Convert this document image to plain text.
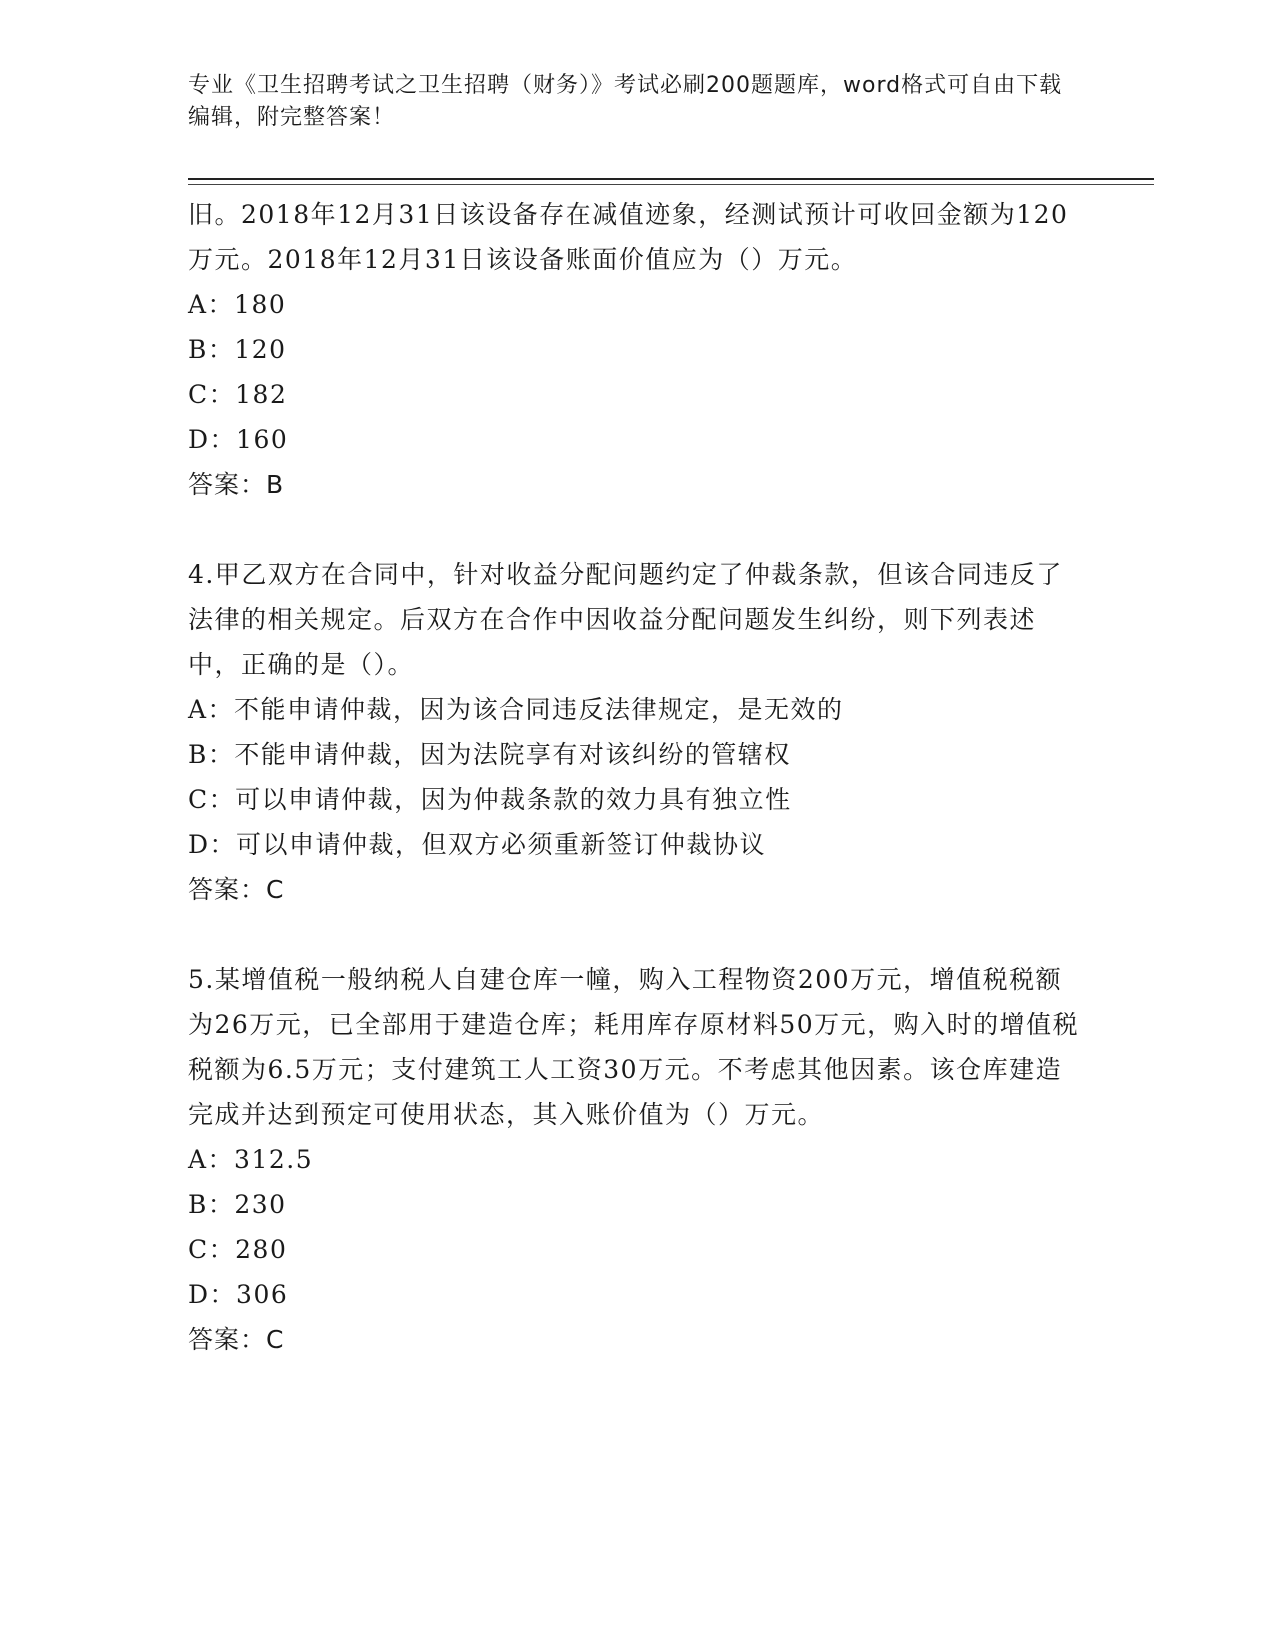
专业《卫生招聘考试之卫生招聘（财务）》考试必刷200题题库，word格式可自由下载编辑，附完整答案！
旧。2018年12月31日该设备存在减值迹象，经测试预计可收回金额为120万元。2018年12月31日该设备账面价值应为（）万元。
A：180
B：120
C：182
D：160
答案：B
4.甲乙双方在合同中，针对收益分配问题约定了仲裁条款，但该合同违反了法律的相关规定。后双方在合作中因收益分配问题发生纠纷，则下列表述中，正确的是（）。
A：不能申请仲裁，因为该合同违反法律规定，是无效的
B：不能申请仲裁，因为法院享有对该纠纷的管辖权
C：可以申请仲裁，因为仲裁条款的效力具有独立性
D：可以申请仲裁，但双方必须重新签订仲裁协议
答案：C
5.某增值税一般纳税人自建仓库一幢，购入工程物资200万元，增值税税额为26万元，已全部用于建造仓库；耗用库存原材料50万元，购入时的增值税税额为6.5万元；支付建筑工人工资30万元。不考虑其他因素。该仓库建造完成并达到预定可使用状态，其入账价值为（）万元。
A：312.5
B：230
C：280
D：306
答案：C
